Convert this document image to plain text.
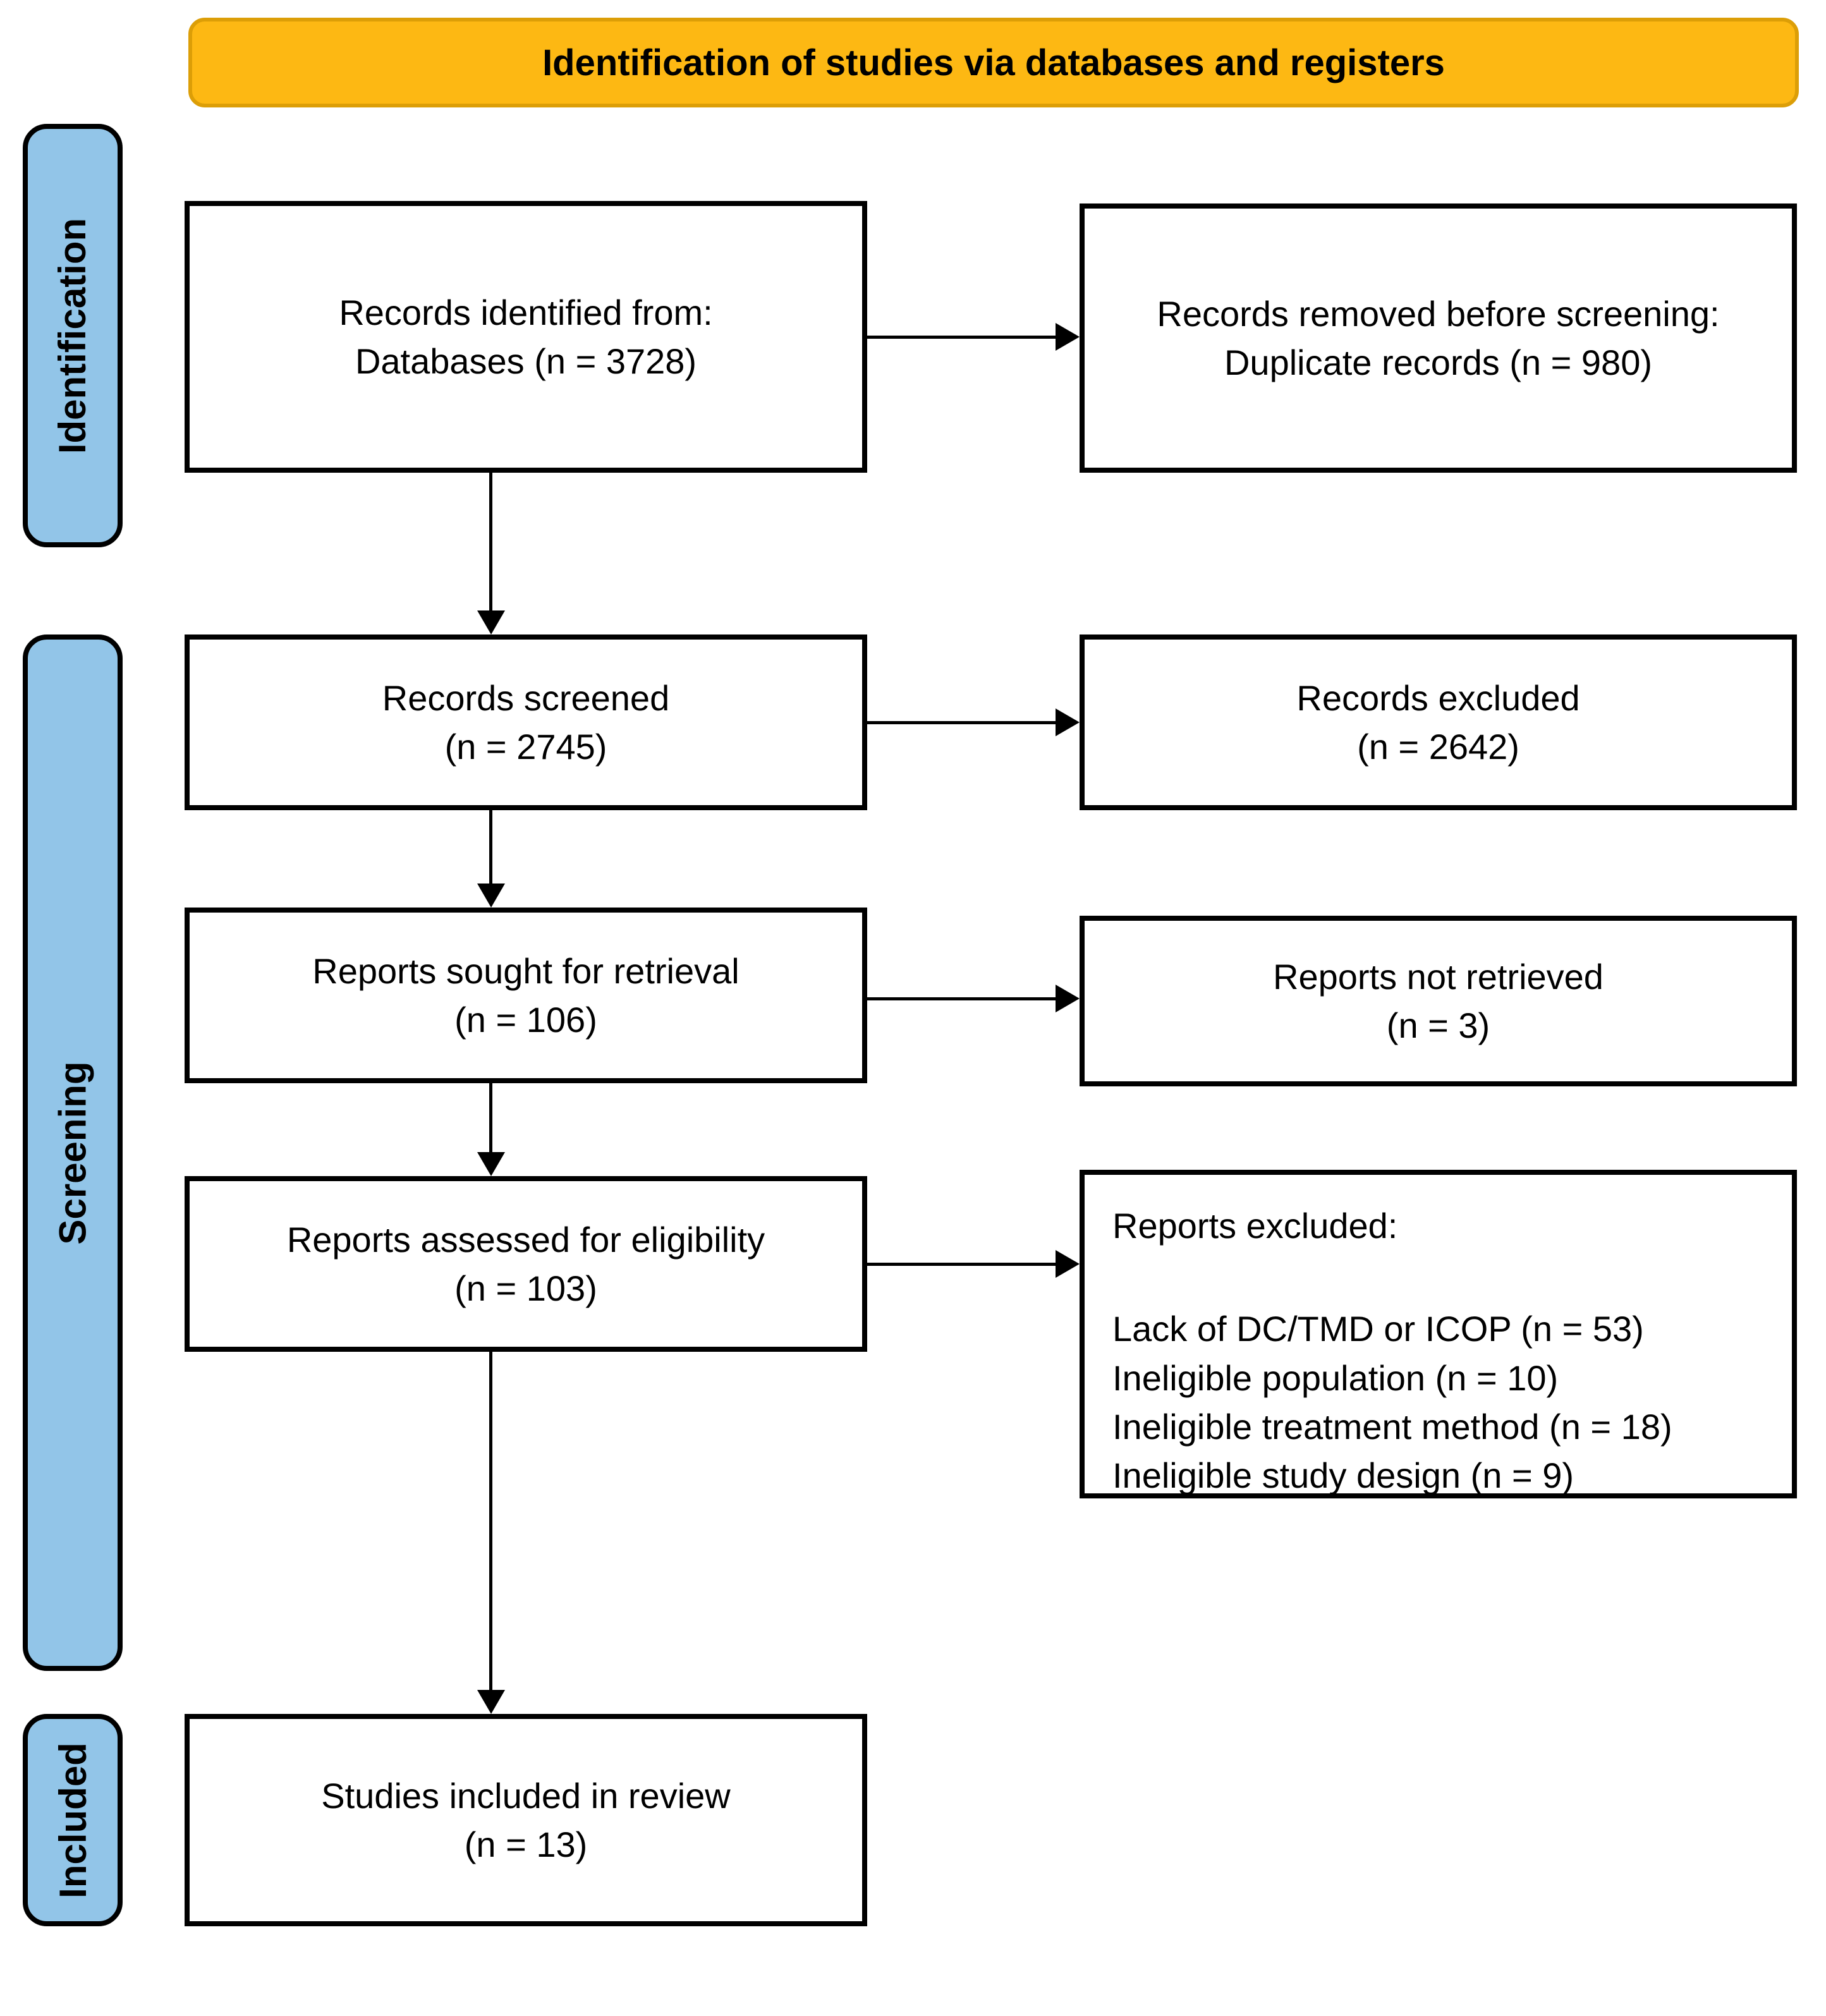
Identification of studies via databases and registers
Identification
Screening
Included
Records identified from:
Databases (n = 3728)
Records removed before screening:
Duplicate records (n = 980)
Records screened
(n = 2745)
Records excluded
(n = 2642)
Reports sought for retrieval
(n = 106)
Reports not retrieved
(n = 3)
Reports assessed for eligibility
(n = 103)
Reports excluded:
Lack of DC/TMD or ICOP (n = 53)
Ineligible population (n = 10)
Ineligible treatment method (n = 18)
Ineligible study design (n = 9)
Studies included in review
(n = 13)
